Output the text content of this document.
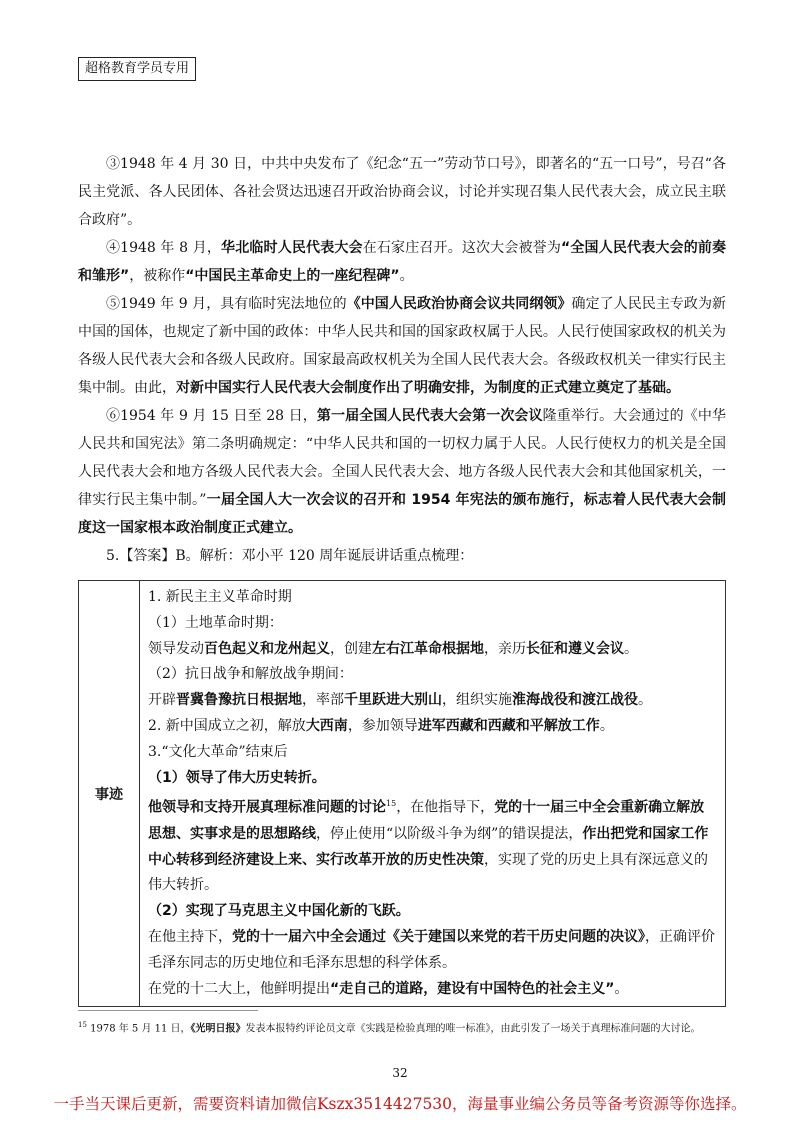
超格教育学员专用

③1948 年 4 月 30 日，中共中央发布了《纪念“五一”劳动节口号》，即著名的“五一口号”，号召“各民主党派、各人民团体、各社会贤达迅速召开政治协商会议，讨论并实现召集人民代表大会，成立民主联合政府”。

④1948 年 8 月，华北临时人民代表大会在石家庄召开。这次大会被誉为“全国人民代表大会的前奏和雏形”，被称作“中国民主革命史上的一座纪程碑”。

⑤1949 年 9 月，具有临时宪法地位的《中国人民政治协商会议共同纲领》确定了人民民主专政为新中国的国体，也规定了新中国的政体：中华人民共和国的国家政权属于人民。人民行使国家政权的机关为各级人民代表大会和各级人民政府。国家最高政权机关为全国人民代表大会。各级政权机关一律实行民主集中制。由此，对新中国实行人民代表大会制度作出了明确安排，为制度的正式建立奠定了基础。

⑥1954 年 9 月 15 日至 28 日，第一届全国人民代表大会第一次会议隆重举行。大会通过的《中华人民共和国宪法》第二条明确规定：“中华人民共和国的一切权力属于人民。人民行使权力的机关是全国人民代表大会和地方各级人民代表大会。全国人民代表大会、地方各级人民代表大会和其他国家机关，一律实行民主集中制。”一届全国人大一次会议的召开和 1954 年宪法的颁布施行，标志着人民代表大会制度这一国家根本政治制度正式建立。

5.【答案】B。解析：邓小平 120 周年诞辰讲话重点梳理：

事迹	

1. 新民主主义革命时期

（1）土地革命时期：

领导发动百色起义和龙州起义，创建左右江革命根据地，亲历长征和遵义会议。

（2）抗日战争和解放战争期间：

开辟晋冀鲁豫抗日根据地，率部千里跃进大别山，组织实施淮海战役和渡江战役。

2. 新中国成立之初，解放大西南，参加领导进军西藏和西藏和平解放工作。

3.“文化大革命”结束后

（1）领导了伟大历史转折。

他领导和支持开展真理标准问题的讨论$^{15}$，在他指导下，党的十一届三中全会重新确立解放思想、实事求是的思想路线，停止使用“以阶级斗争为纲”的错误提法，作出把党和国家工作中心转移到经济建设上来、实行改革开放的历史性决策，实现了党的历史上具有深远意义的伟大转折。

（2）实现了马克思主义中国化新的飞跃。

在他主持下，党的十一届六中全会通过《关于建国以来党的若干历史问题的决议》，正确评价毛泽东同志的历史地位和毛泽东思想的科学体系。

在党的十二大上，他鲜明提出“走自己的道路，建设有中国特色的社会主义”。

$^{15}$ 1978 年 5 月 11 日，《光明日报》发表本报特约评论员文章《实践是检验真理的唯一标准》，由此引发了一场关于真理标准问题的大讨论。
32
一手当天课后更新，需要资料请加微信Kszx3514427530，海量事业编公务员等备考资源等你选择。
